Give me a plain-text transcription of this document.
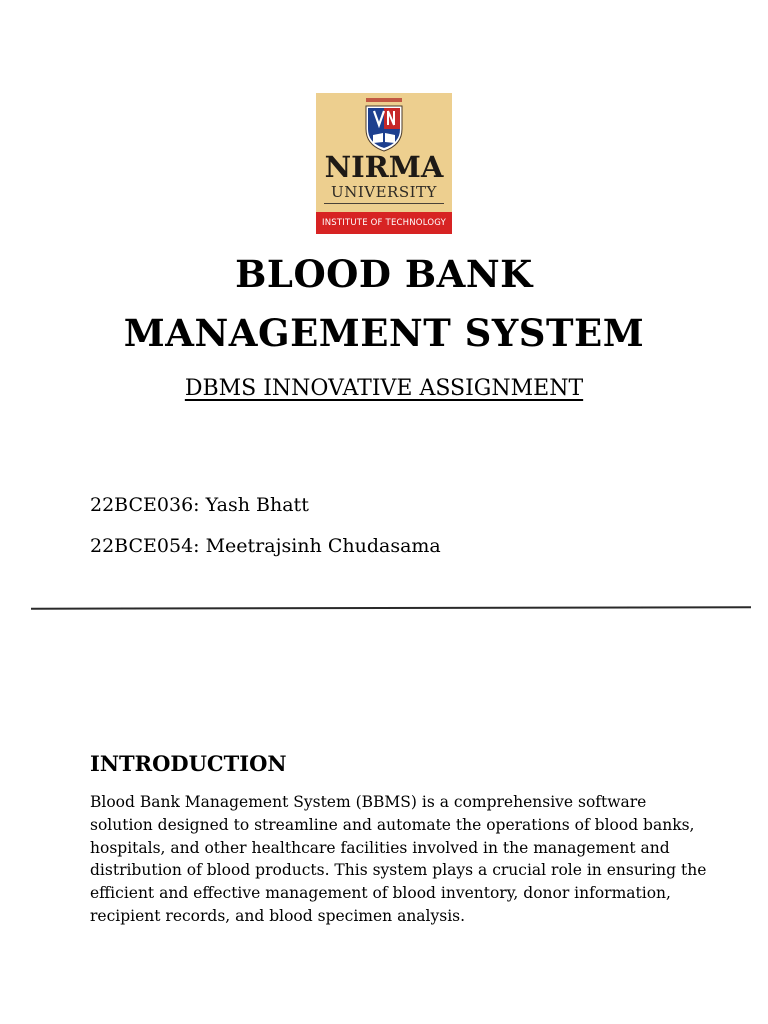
NIRMA
UNIVERSITY
INSTITUTE OF TECHNOLOGY
BLOOD BANK
MANAGEMENT SYSTEM
DBMS INNOVATIVE ASSIGNMENT
22BCE036: Yash Bhatt
22BCE054: Meetrajsinh Chudasama
INTRODUCTION
Blood Bank Management System (BBMS) is a comprehensive software
solution designed to streamline and automate the operations of blood banks,
hospitals, and other healthcare facilities involved in the management and
distribution of blood products. This system plays a crucial role in ensuring the
efficient and effective management of blood inventory, donor information,
recipient records, and blood specimen analysis.
